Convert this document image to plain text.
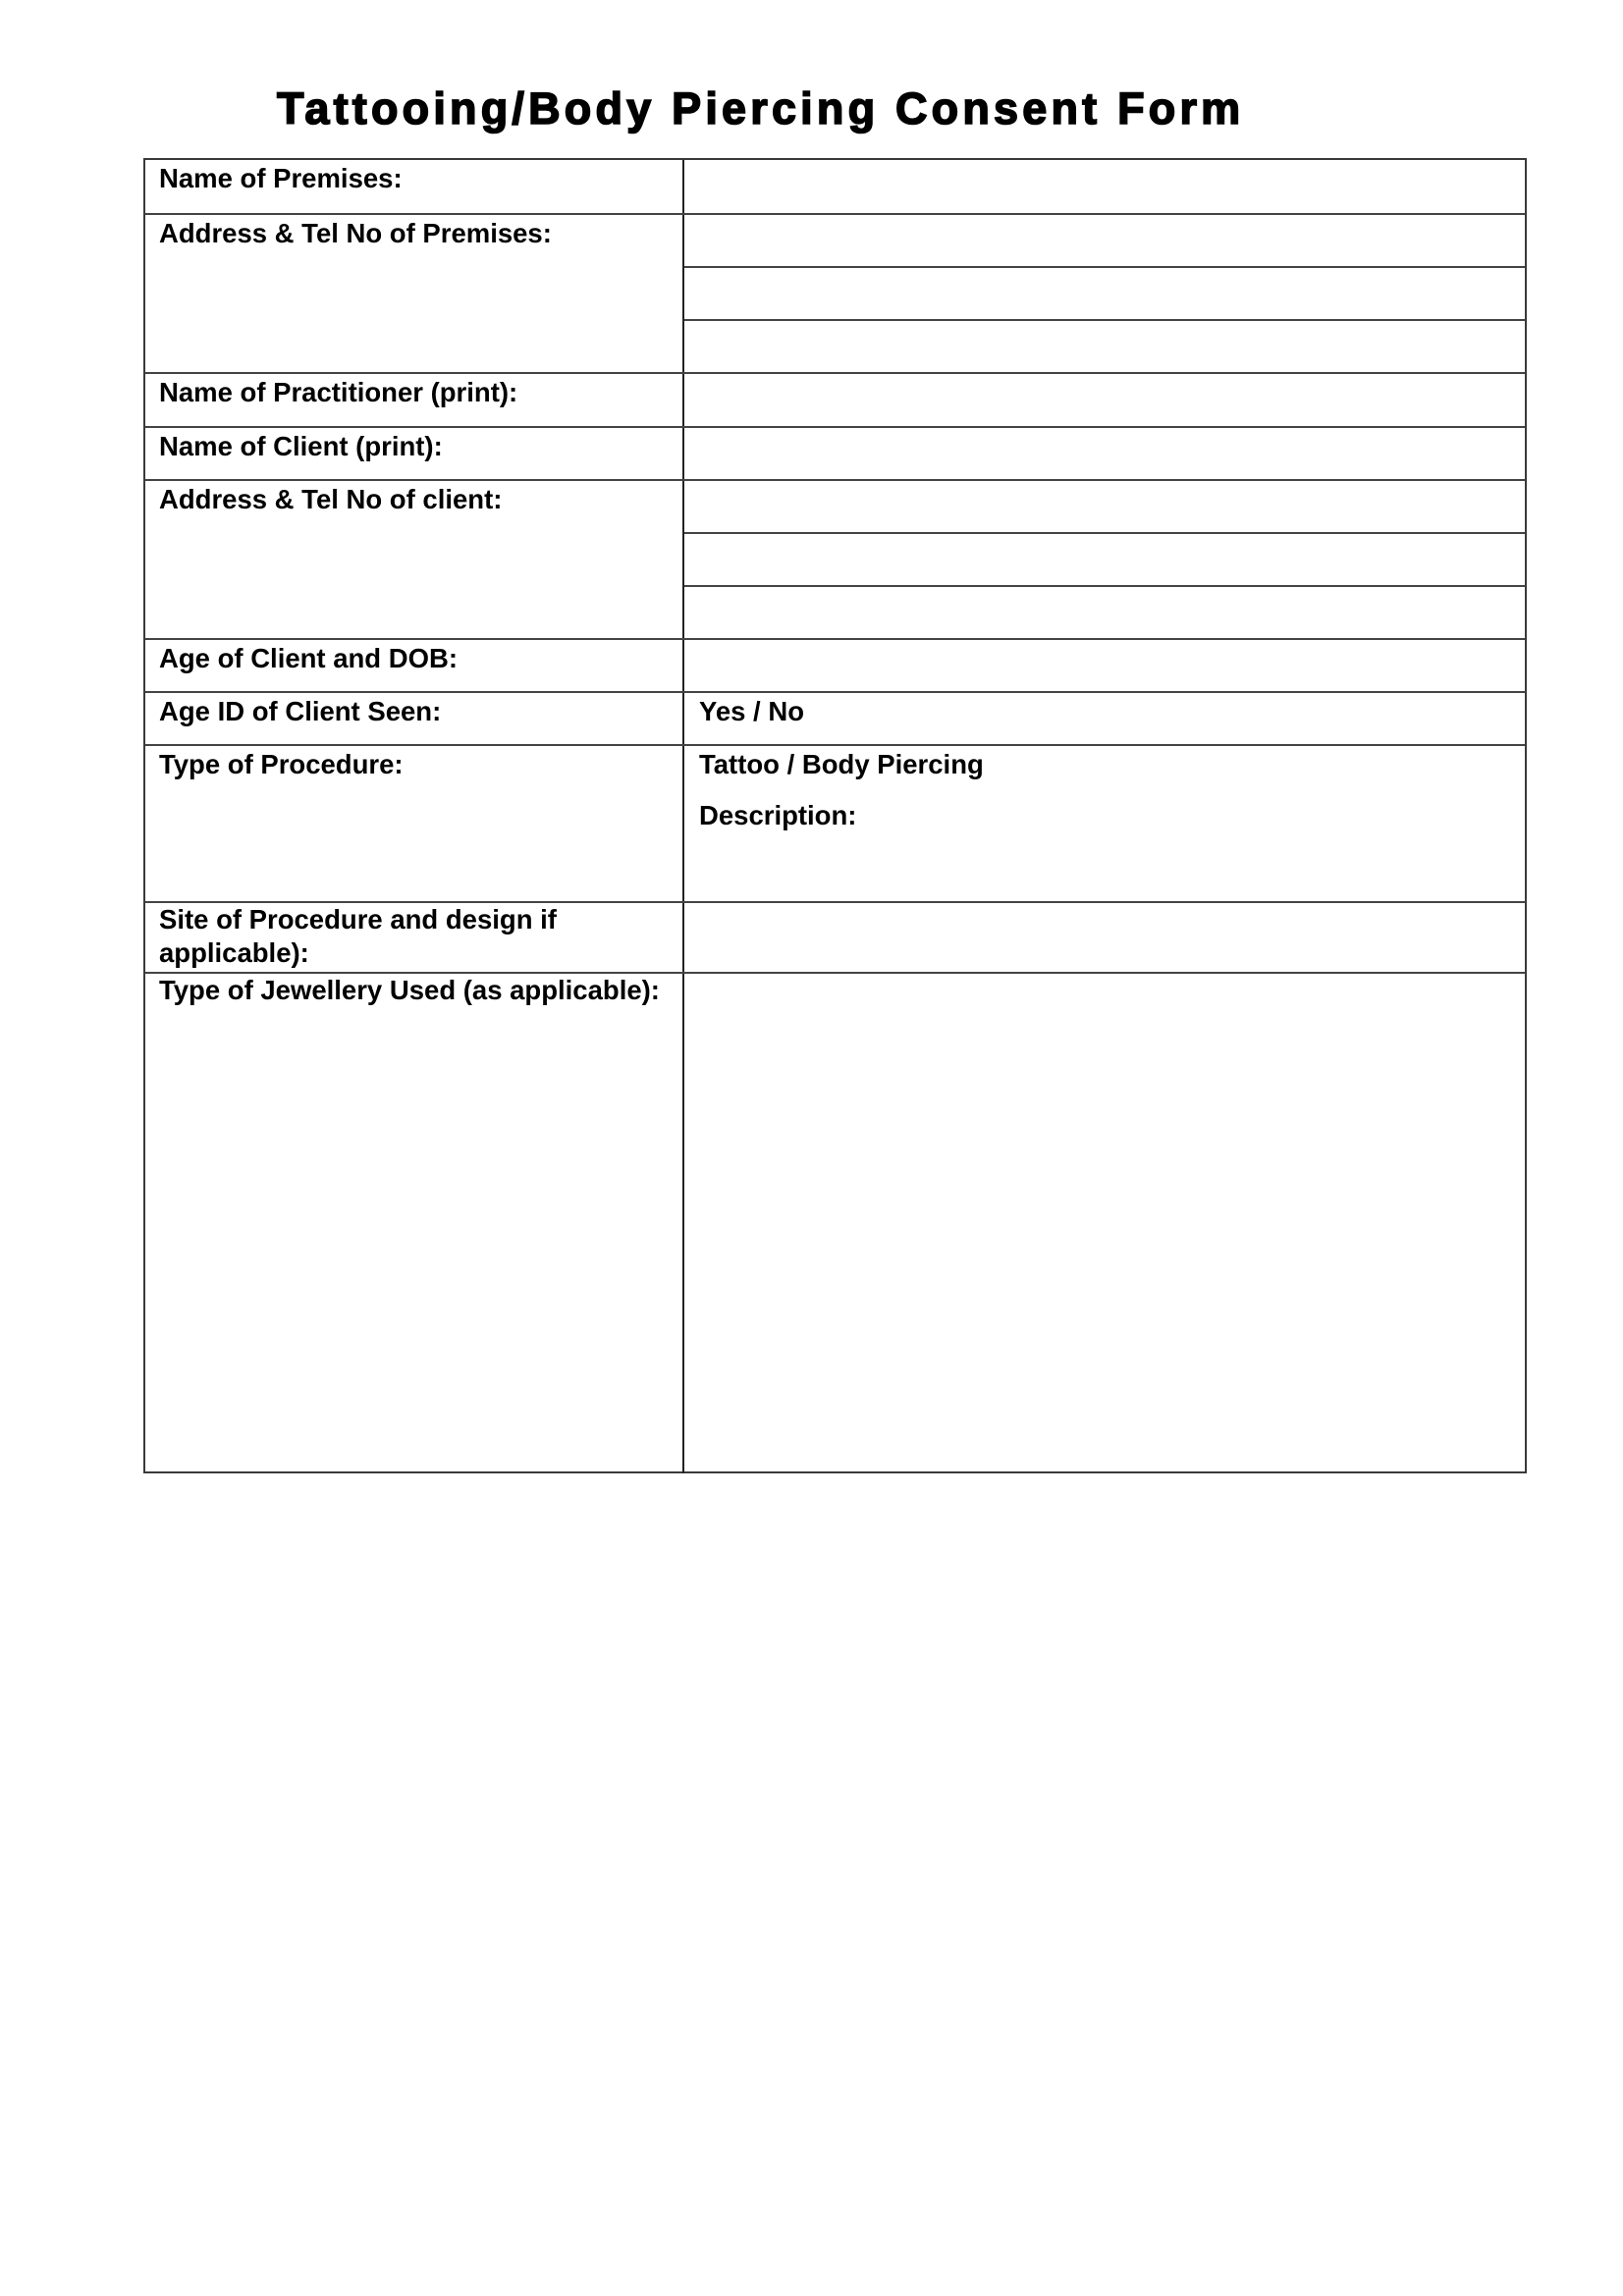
Tattooing/Body Piercing Consent Form
Name of Premises:
Address & Tel No of Premises:
Name of Practitioner (print):
Name of Client (print):
Address & Tel No of client:
Age of Client and DOB:
Age ID of Client Seen:	Yes / No
Type of Procedure:	Tattoo / Body Piercing
Description:
Site of Procedure and design if applicable):
Type of Jewellery Used (as applicable):
